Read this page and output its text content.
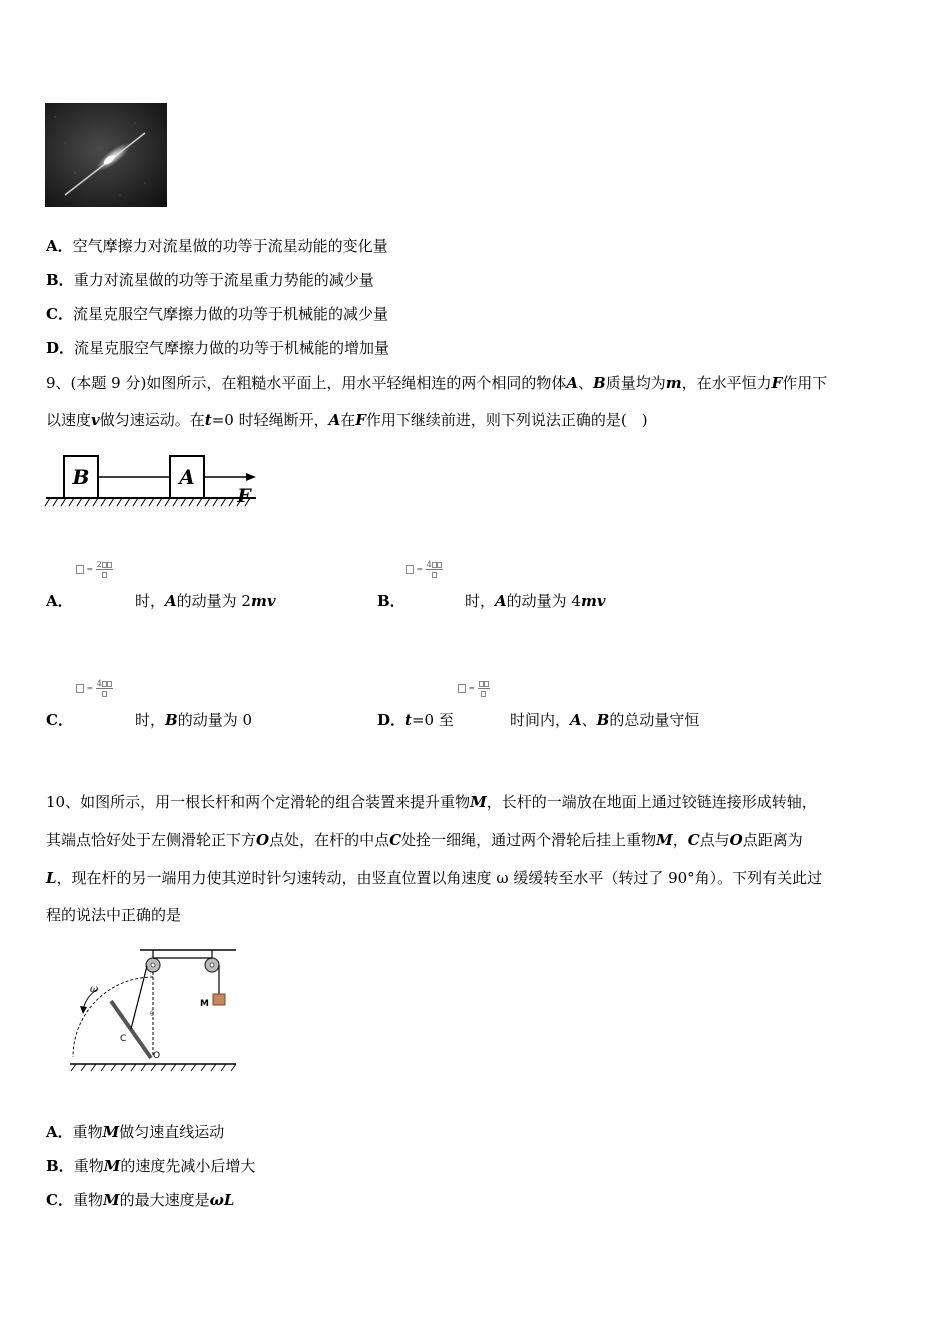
A．空气摩擦力对流星做的功等于流星动能的变化量
B．重力对流星做的功等于流星重力势能的减少量
C．流星克服空气摩擦力做的功等于机械能的减少量
D．流星克服空气摩擦力做的功等于机械能的增加量
9、(本题 9 分)如图所示，在粗糙水平面上，用水平轻绳相连的两个相同的物体A、B质量均为m，在水平恒力F作用下
以速度v做匀速运动。在t=0 时轻绳断开，A在F作用下继续前进，则下列说法正确的是(　)
B	A
F
= 2
A．	时，A的动量为 2mv
= 4
B．	时，A的动量为 4mv
= 4
C．	时，B的动量为 0
=
D．t=0 至	时间内，A、B的总动量守恒
10、如图所示，用一根长杆和两个定滑轮的组合装置来提升重物M，长杆的一端放在地面上通过铰链连接形成转轴，
其端点恰好处于左侧滑轮正下方O点处，在杆的中点C处拴一细绳，通过两个滑轮后挂上重物M，C点与O点距离为
L，现在杆的另一端用力使其逆时针匀速转动，由竖直位置以角速度 ω 缓缓转至水平（转过了 90°角）。下列有关此过
程的说法中正确的是
M
θ
ω
C
O
A．重物M做匀速直线运动
B．重物M的速度先减小后增大
C．重物M的最大速度是ωL
